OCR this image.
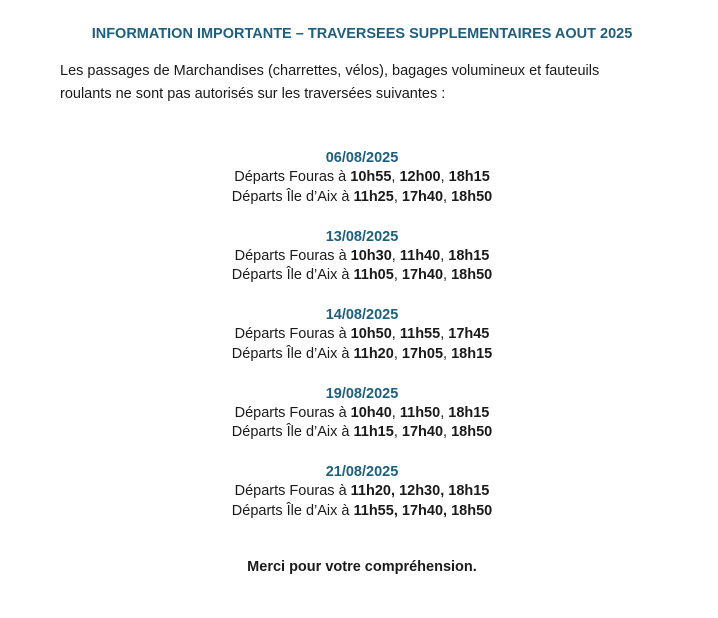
INFORMATION IMPORTANTE – TRAVERSEES SUPPLEMENTAIRES AOUT 2025
Les passages de Marchandises (charrettes, vélos), bagages volumineux et fauteuils
roulants ne sont pas autorisés sur les traversées suivantes :
06/08/2025
Départs Fouras à 10h55, 12h00, 18h15
Départs Île d’Aix à 11h25, 17h40, 18h50
13/08/2025
Départs Fouras à 10h30, 11h40, 18h15
Départs Île d’Aix à 11h05, 17h40, 18h50
14/08/2025
Départs Fouras à 10h50, 11h55, 17h45
Départs Île d’Aix à 11h20, 17h05, 18h15
19/08/2025
Départs Fouras à 10h40, 11h50, 18h15
Départs Île d’Aix à 11h15, 17h40, 18h50
21/08/2025
Départs Fouras à 11h20, 12h30, 18h15
Départs Île d’Aix à 11h55, 17h40, 18h50
Merci pour votre compréhension.
